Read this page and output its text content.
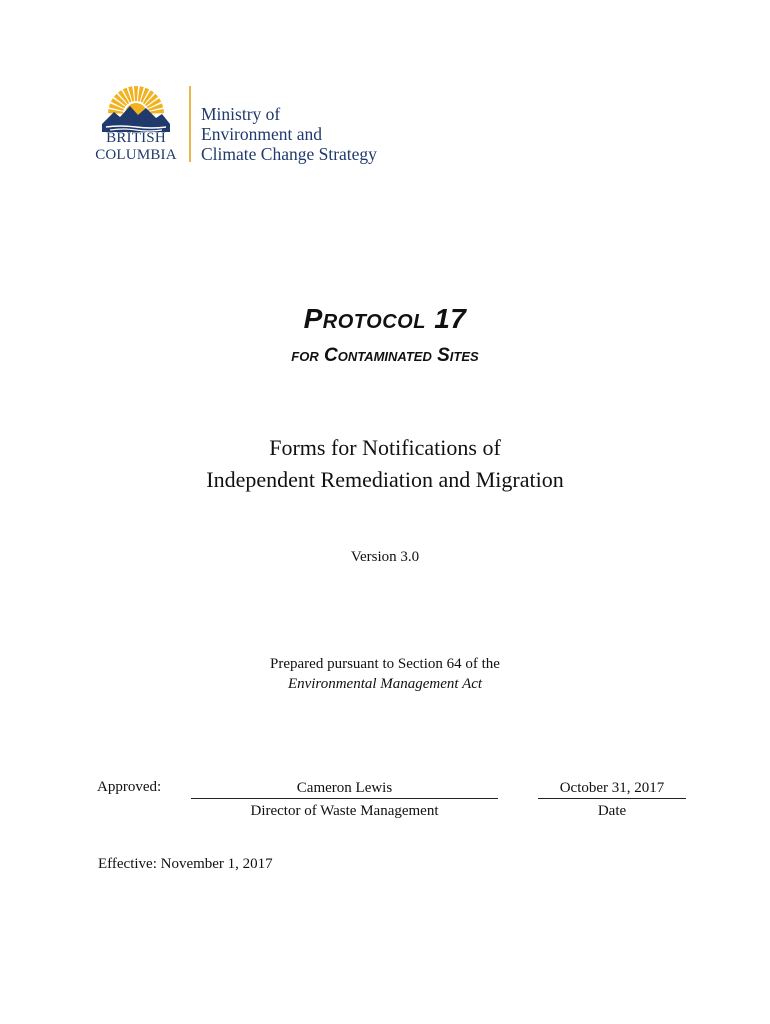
BRITISH
COLUMBIA
Ministry of
Environment and
Climate Change Strategy
Protocol 17
for Contaminated Sites
Forms for Notifications of
Independent Remediation and Migration
Version 3.0
Prepared pursuant to Section 64 of the
Environmental Management Act
Approved:	Cameron Lewis
Director of Waste Management
October 31, 2017
Date
Effective: November 1, 2017
